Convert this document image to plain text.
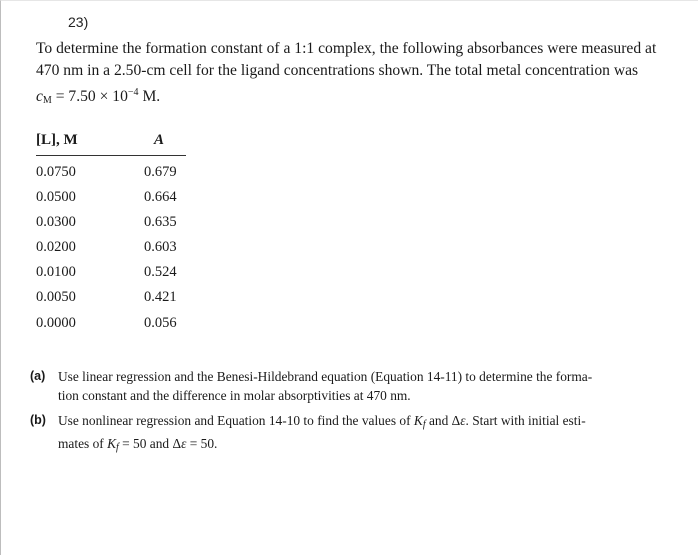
23)
To determine the formation constant of a 1:1 complex, the following absorbances were measured at
470 nm in a 2.50-cm cell for the ligand concentrations shown. The total metal concentration was
$c_M = 7.50 \times 10^{-4}$ M.
[L], M	A
0.0750	0.679
0.0500	0.664
0.0300	0.635
0.0200	0.603
0.0100	0.524
0.0050	0.421
0.0000	0.056
(a) Use linear regression and the Benesi-Hildebrand equation (Equation 14-11) to determine the forma-
tion constant and the difference in molar absorptivities at 470 nm.
(b) Use nonlinear regression and Equation 14-10 to find the values of $K_f$ and Δε. Start with initial esti-
mates of $K_f = 50$ and Δε = 50.
